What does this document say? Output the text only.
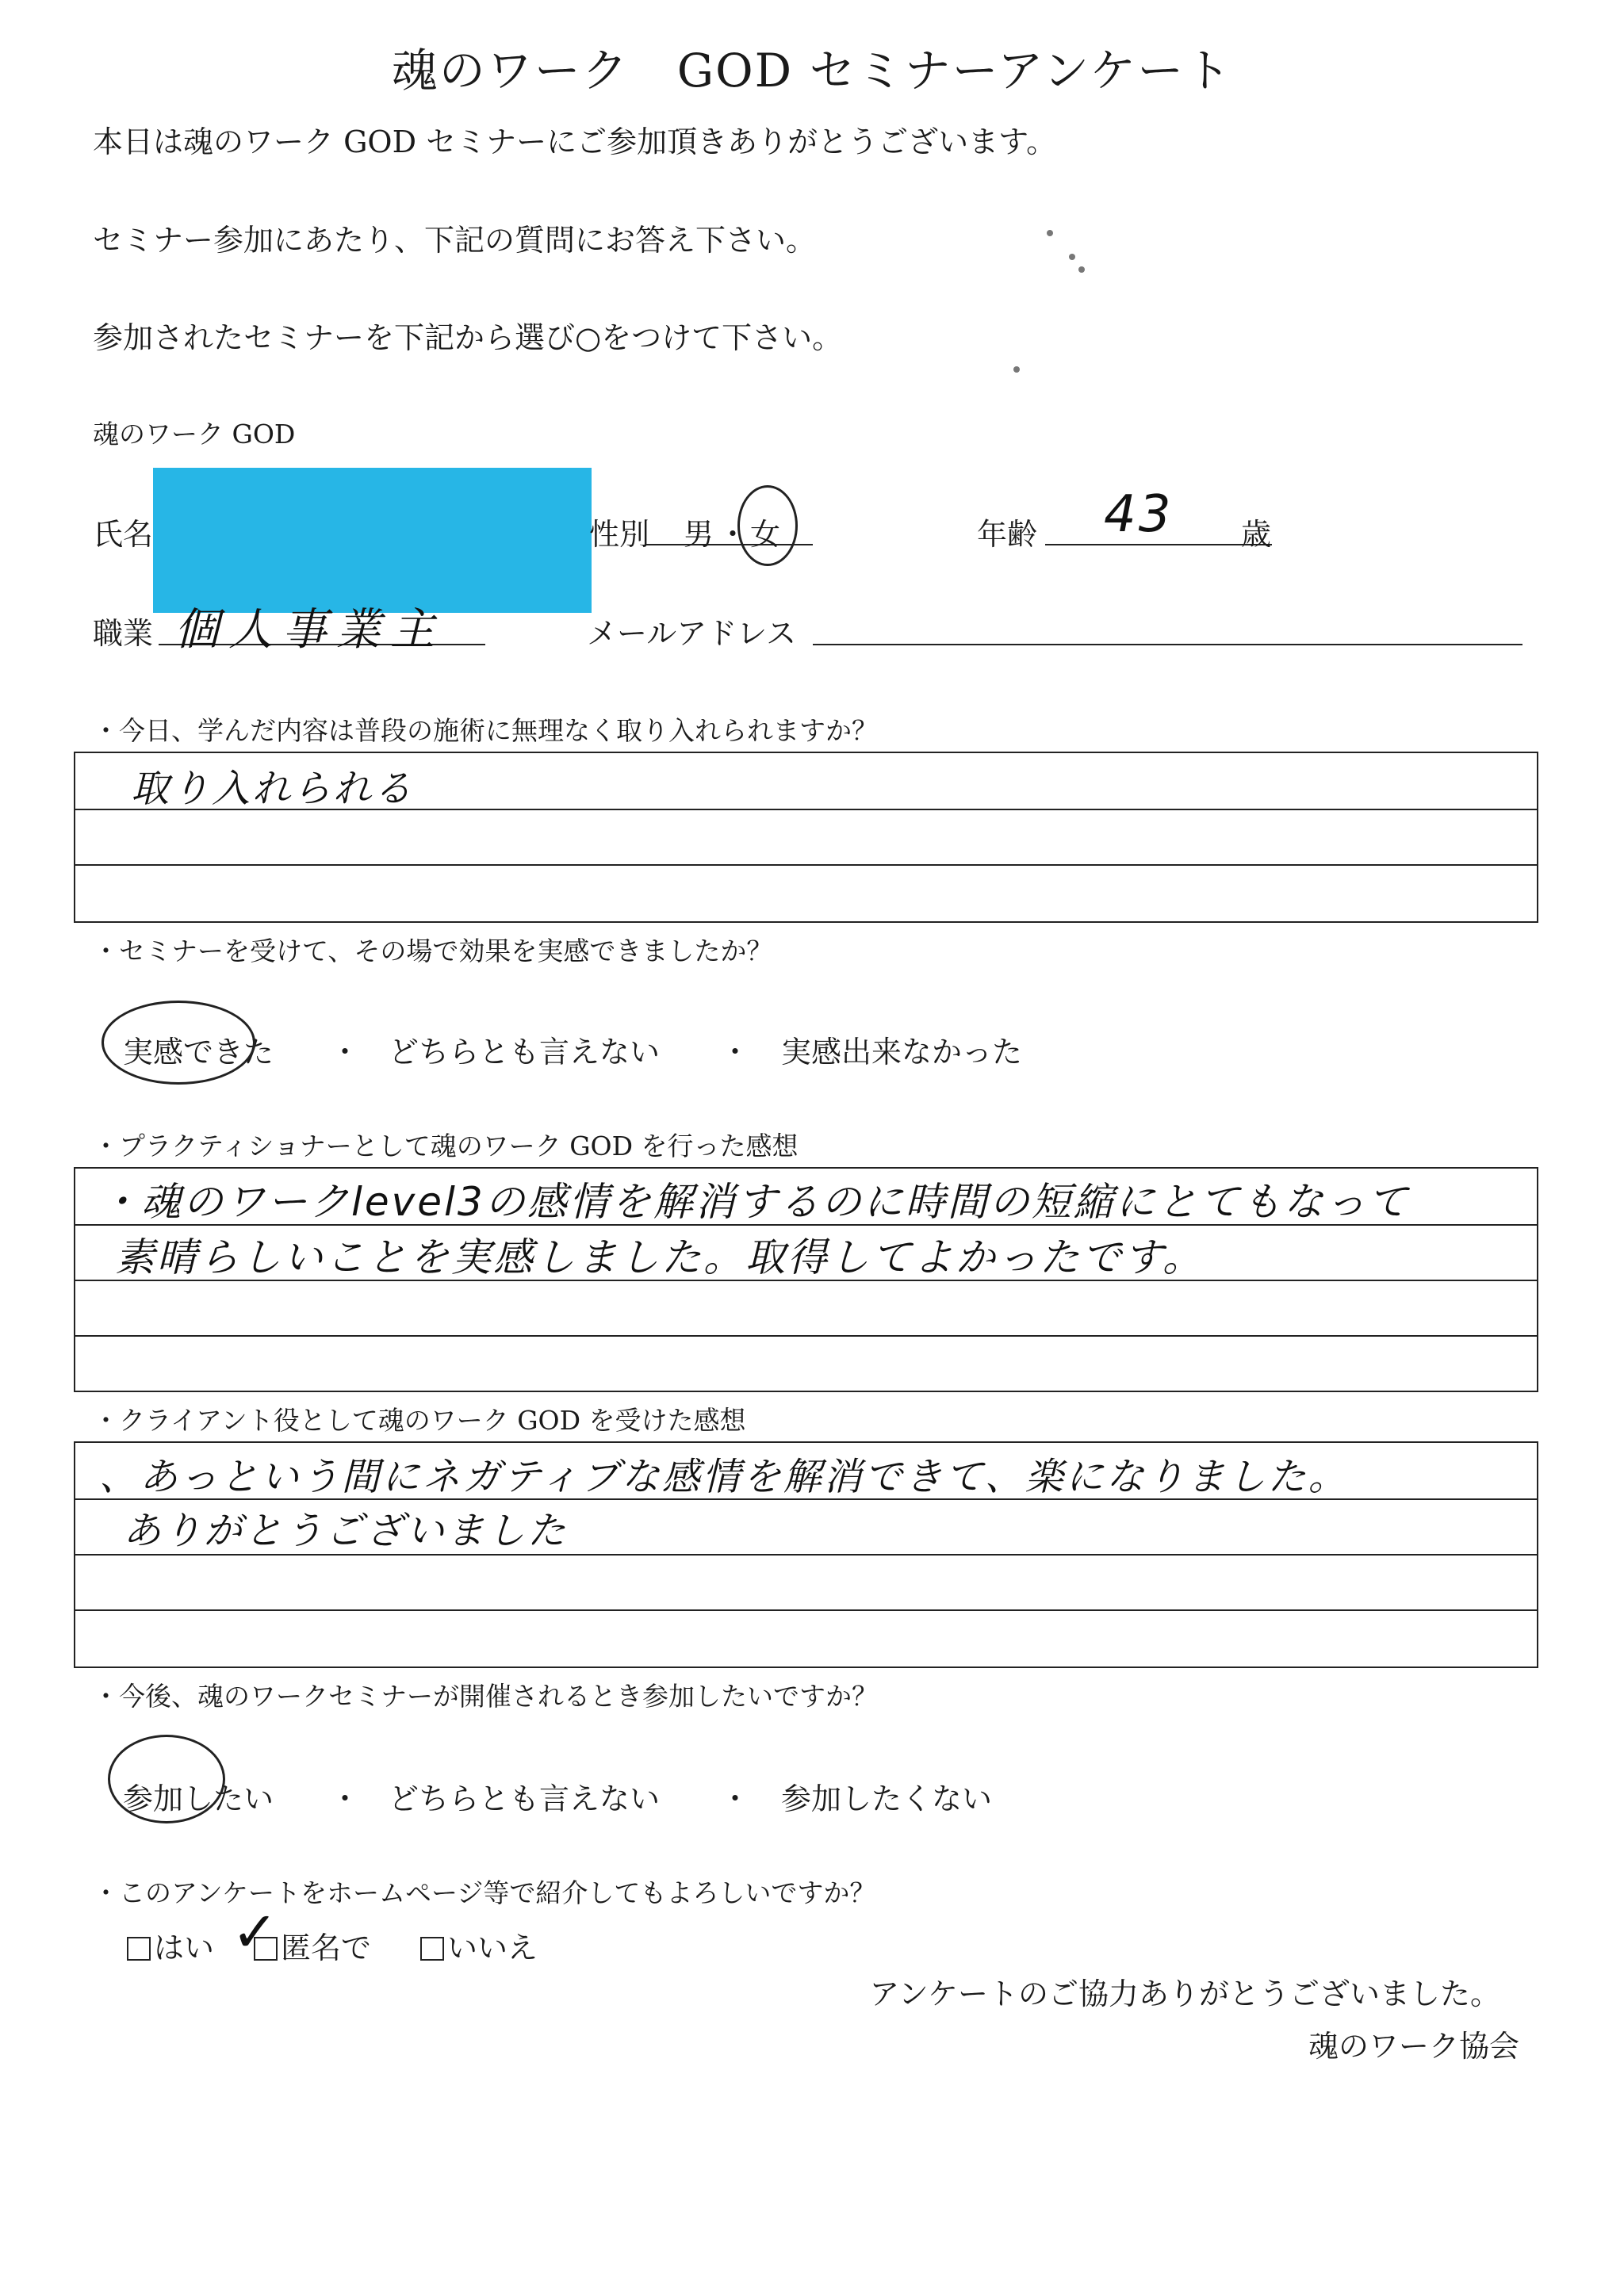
魂のワーク　GOD セミナーアンケート
本日は魂のワーク GOD セミナーにご参加頂きありがとうございます。
セミナー参加にあたり、下記の質問にお答え下さい。
参加されたセミナーを下記から選び○をつけて下さい。
魂のワーク GOD
氏名	性別 男 ・ 女	年齢 43 歳
職業 個人事業主	メールアドレス
・今日、学んだ内容は普段の施術に無理なく取り入れられますか？
取り入れられる
・セミナーを受けて、その場で効果を実感できましたか？
実感できた ・ どちらとも言えない ・ 実感出来なかった
・プラクティショナーとして魂のワーク GOD を行った感想
・魂のワークlevel3の感情を解消するのに時間の短縮にとてもなって
素晴らしいことを実感しました。取得してよかったです。
・クライアント役として魂のワーク GOD を受けた感想
、あっという間にネガティブな感情を解消できて、楽になりました。
ありがとうございました
・今後、魂のワークセミナーが開催されるとき参加したいですか？
参加したい ・ どちらとも言えない ・ 参加したくない
・このアンケートをホームページ等で紹介してもよろしいですか？
はい	匿名で
✓	いいえ
アンケートのご協力ありがとうございました。
魂のワーク協会
